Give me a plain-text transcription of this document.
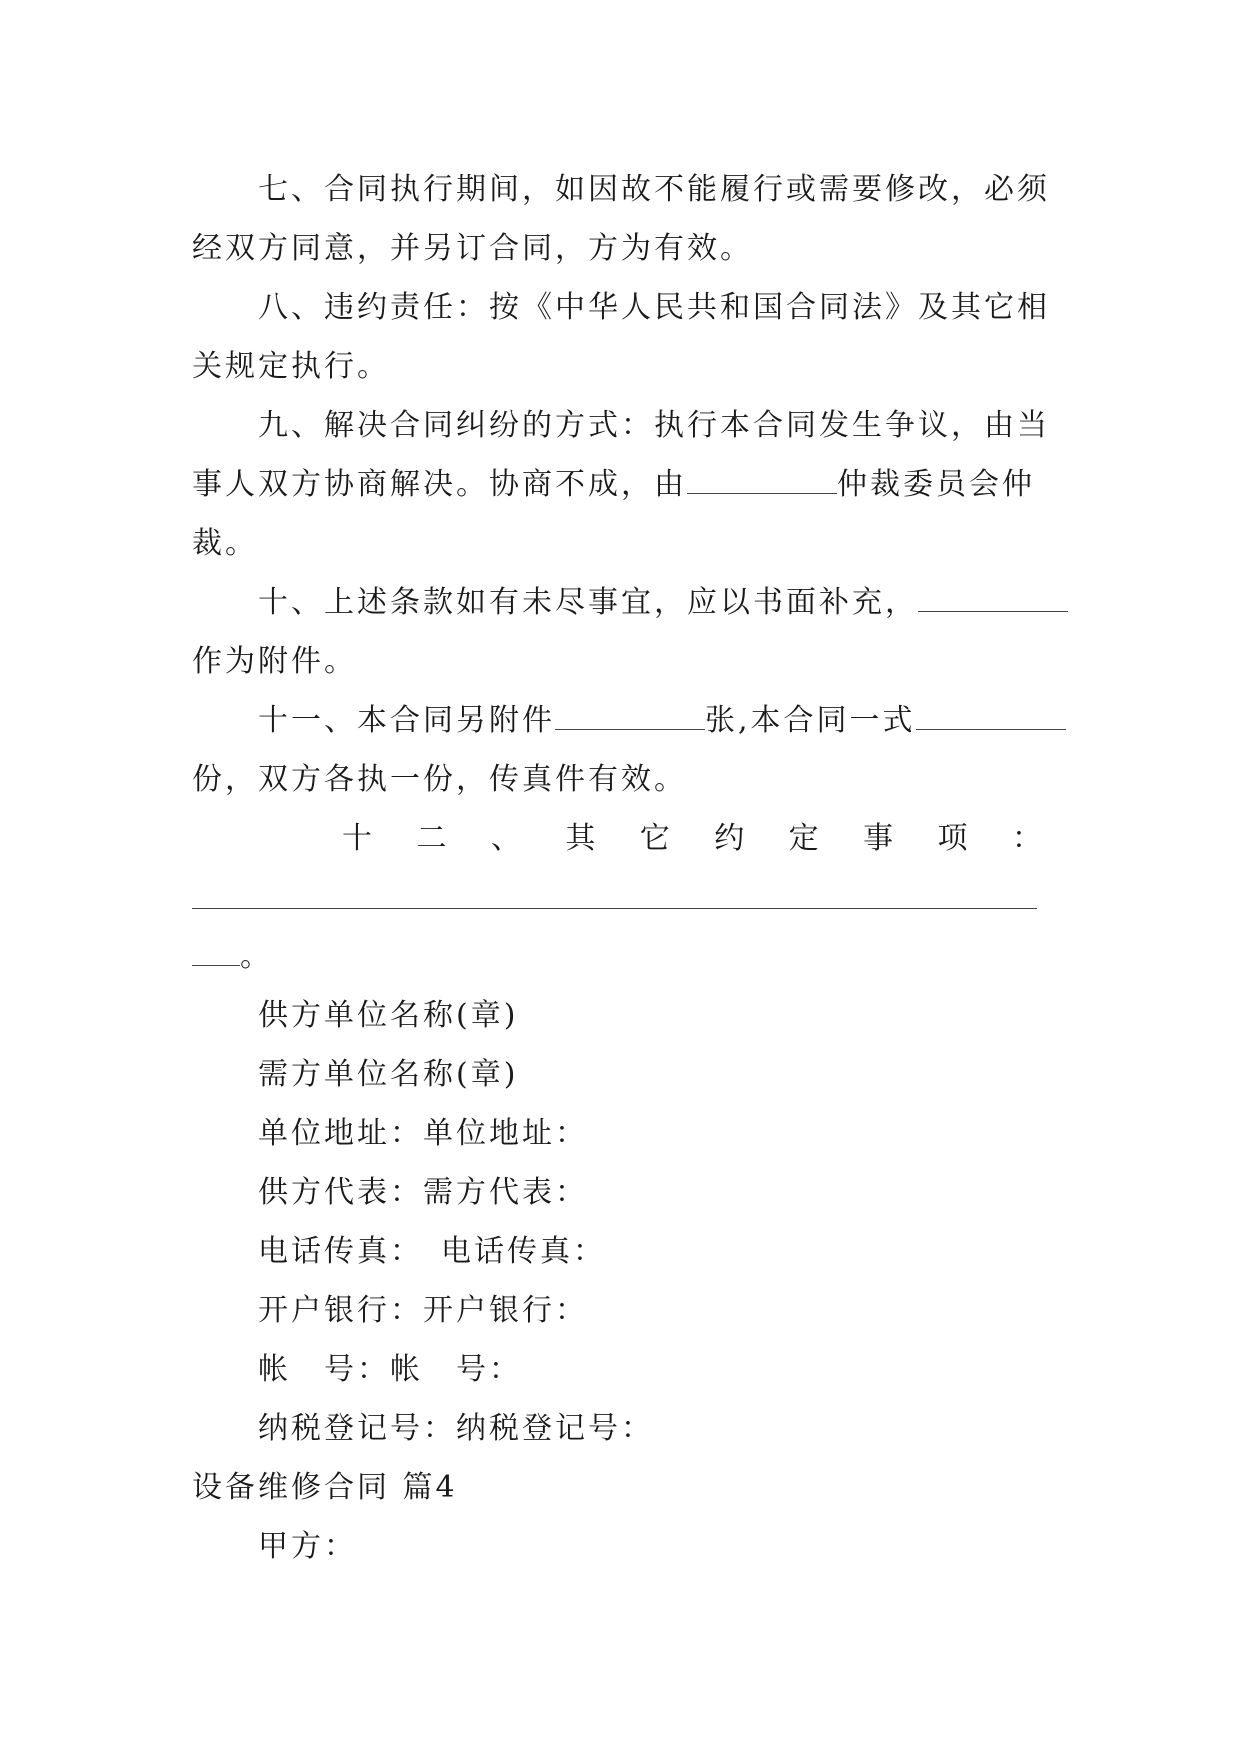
七、合同执行期间，如因故不能履行或需要修改，必须
经双方同意，并另订合同，方为有效。
八、违约责任：按《中华人民共和国合同法》及其它相
关规定执行。
九、解决合同纠纷的方式：执行本合同发生争议，由当
事人双方协商解决。协商不成，由	仲裁委员会仲
裁。
十、上述条款如有未尽事宜，应以书面补充，
作为附件。
十一、本合同另附件	张,本合同一式
份，双方各执一份，传真件有效。
十 二 、 其 它 约 定 事 项 ：
。
供方单位名称(章)
需方单位名称(章)
单位地址：单位地址：
供方代表：需方代表：
电话传真：　电话传真：
开户银行：开户银行：
帐　号：帐　号：
纳税登记号：纳税登记号：
设备维修合同 篇4
甲方：
